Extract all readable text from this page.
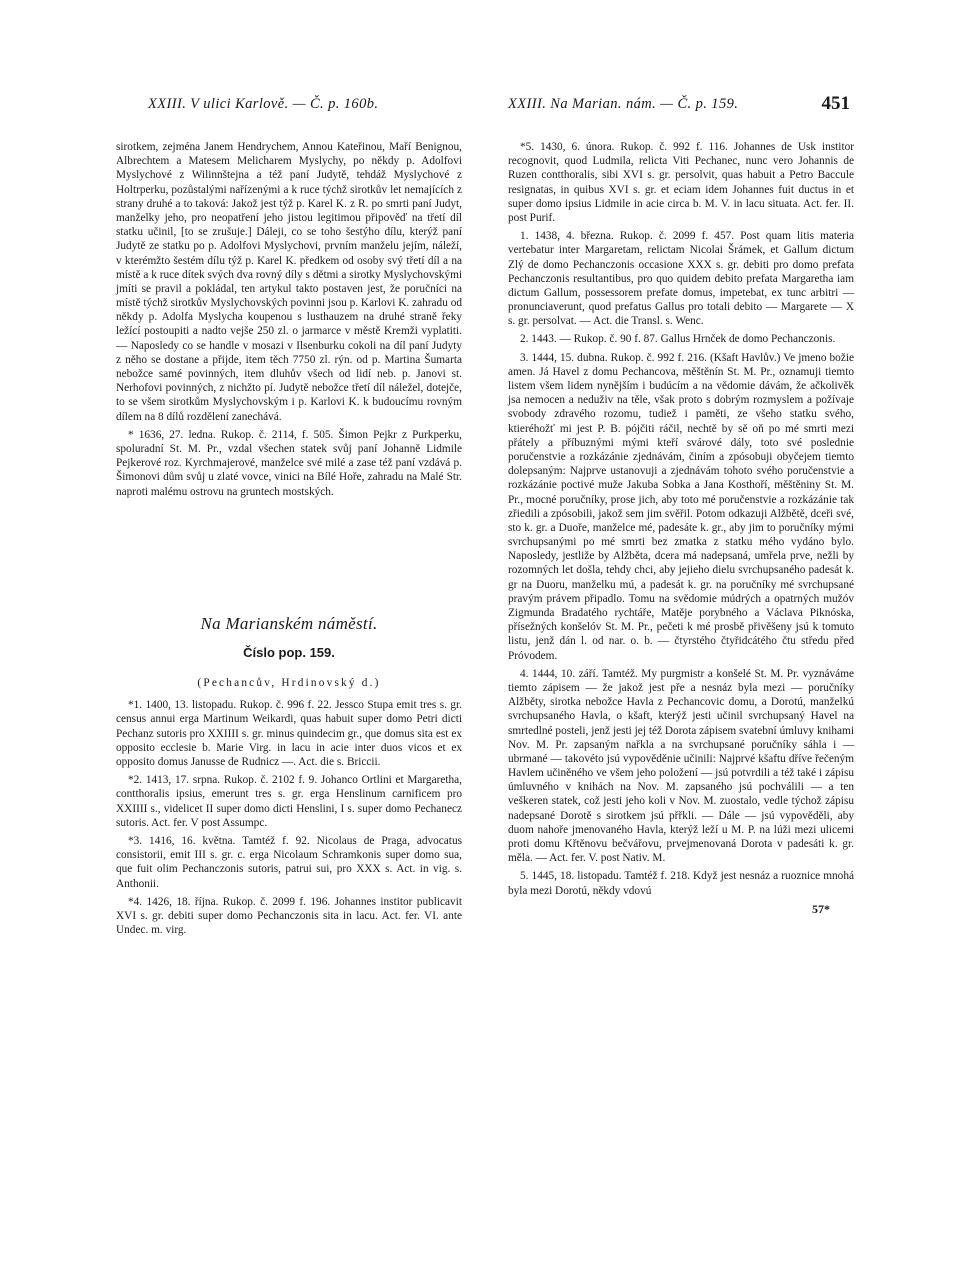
XXIII. V ulici Karlově. — Č. p. 160b.	XXIII. Na Marian. nám. — Č. p. 159.	451

sirotkem, zejména Janem Hendrychem, Annou Kateřinou, Maří Benignou, Albrechtem a Matesem Melicharem Myslychy, po někdy p. Adolfovi Myslychové z Wilinnštejna a též paní Judytě, tehdáž Myslychové z Holtrperku, pozůstalými nařízenými a k ruce týchž sirotkův let nemajících z strany druhé a to taková: Jakož jest týž p. Karel K. z R. po smrti paní Judyt, manželky jeho, pro neopatření jeho jistou legitimou připověď na třetí díl statku učinil, [to se zrušuje.] Dáleji, co se toho šestýho dílu, kterýž paní Judytě ze statku po p. Adolfovi Myslychovi, prvním manželu jejím, náleží, v kterémžto šestém dílu týž p. Karel K. předkem od osoby svý třetí díl a na místě a k ruce dítek svých dva rovný díly s dětmi a sirotky Myslychovskými jmíti se pravil a pokládal, ten artykul takto postaven jest, že poručníci na místě týchž sirotkův Myslychovských povinni jsou p. Karlovi K. zahradu od někdy p. Adolfa Myslycha koupenou s lusthauzem na druhé straně řeky ležící postoupiti a nadto vejše 250 zl. o jarmarce v městě Kremži vyplatiti. — Naposledy co se handle v mosazi v Ilsenburku cokoli na díl paní Judyty z něho se dostane a přijde, item těch 7750 zl. rýn. od p. Martina Šumarta nebožce samé povinných, item dluhův všech od lidí neb. p. Janovi st. Nerhofovi povinných, z nichžto pí. Judytě nebožce třetí díl náležel, dotejče, to se všem sirotkům Myslychovským i p. Karlovi K. k budoucímu rovným dílem na 8 dílů rozdělení zanechává.

* 1636, 27. ledna. Rukop. č. 2114, f. 505. Šimon Pejkr z Purkperku, spoluradní St. M. Pr., vzdal všechen statek svůj paní Johanně Lidmile Pejkerové roz. Kyrchmajerové, manželce své milé a zase též paní vzdává p. Šimonovi dům svůj u zlaté vovce, vinici na Bílé Hoře, zahradu na Malé Str. naproti malému ostrovu na gruntech mostských.

Na Marianském náměstí.
Číslo pop. 159.
(Pechancův, Hrdinovský d.)

*1. 1400, 13. listopadu. Rukop. č. 996 f. 22. Jessco Stupa emit tres s. gr. census annui erga Martinum Weikardi, quas habuit super domo Petri dicti Pechanz sutoris pro XXIIII s. gr. minus quindecim gr., que domus sita est ex opposito ecclesie b. Marie Virg. in lacu in acie inter duos vicos et ex opposito domus Janusse de Rudnicz —. Act. die s. Briccii.

*2. 1413, 17. srpna. Rukop. č. 2102 f. 9. Johanco Ortlini et Margaretha, contthoralis ipsius, emerunt tres s. gr. erga Henslinum carnificem pro XXIIII s., videlicet II super domo dicti Henslini, I s. super domo Pechanecz sutoris. Act. fer. V post Assumpc.

*3. 1416, 16. května. Tamtéž f. 92. Nicolaus de Praga, advocatus consistorii, emit III s. gr. c. erga Nicolaum Schramkonis super domo sua, que fuit olim Pechanczonis sutoris, patrui sui, pro XXX s. Act. in vig. s. Anthonii.

*4. 1426, 18. října. Rukop. č. 2099 f. 196. Johannes institor publicavit XVI s. gr. debiti super domo Pechanczonis sita in lacu. Act. fer. VI. ante Undec. m. virg.

*5. 1430, 6. února. Rukop. č. 992 f. 116. Johannes de Usk institor recognovit, quod Ludmila, relicta Viti Pechanec, nunc vero Johannis de Ruzen contthoralis, sibi XVI s. gr. persolvit, quas habuit a Petro Baccule resignatas, in quibus XVI s. gr. et eciam idem Johannes fuit ductus in et super domo ipsius Lidmile in acie circa b. M. V. in lacu situata. Act. fer. II. post Purif.

1. 1438, 4. března. Rukop. č. 2099 f. 457. Post quam litis materia vertebatur inter Margaretam, relictam Nicolai Šrámek, et Gallum dictum Zlý de domo Pechanczonis occasione XXX s. gr. debiti pro domo prefata Pechanczonis resultantibus, pro quo quidem debito prefata Margaretha iam dictum Gallum, possessorem prefate domus, impetebat, ex tunc arbitri — pronunciaverunt, quod prefatus Gallus pro totali debito — Margarete — X s. gr. persolvat. — Act. die Transl. s. Wenc.

2. 1443. — Rukop. č. 90 f. 87. Gallus Hrnček de domo Pechanczonis.

3. 1444, 15. dubna. Rukop. č. 992 f. 216. (Kšaft Havlův.) Ve jmeno božie amen. Já Havel z domu Pechancova, měštěnín St. M. Pr., oznamuji tiemto listem všem lidem nynějším i budúcím a na vědomie dávám, že ačkolivěk jsa nemocen a neduživ na těle, však proto s dobrým rozmyslem a požívaje svobody zdravého rozomu, tudiež i paměti, ze všeho statku svého, ktieréhožť mi jest P. B. pójčiti ráčil, nechtě by sě oň po mé smrti mezi přátely a příbuznými mými kteří svárové dály, toto své poslednie poručenstvie a rozkázánie zjednávám, činím a zpósobuji obyčejem tiemto dolepsaným: Najprve ustanovuji a zjednávám tohoto svého poručenstvie a rozkázánie poctivé muže Jakuba Sobka a Jana Kosthoří, měštěniny St. M. Pr., mocné poručníky, prose jich, aby toto mé poručenstvie a rozkázánie tak zřiedili a zpósobili, jakož sem jim svěřil. Potom odkazuji Alžbětě, dceři své, sto k. gr. a Duoře, manželce mé, padesáte k. gr., aby jim to poručníky mými svrchupsanými po mé smrti bez zmatka z statku mého vydáno bylo. Naposledy, jestliže by Alžběta, dcera má nadepsaná, umřela prve, nežli by rozomných let došla, tehdy chci, aby jejieho dielu svrchupsaného padesát k. gr na Duoru, manželku mú, a padesát k. gr. na poručníky mé svrchupsané pravým právem připadlo. Tomu na svědomie múdrých a opatrných mužóv Zigmunda Bradatého rychtáře, Matěje porybného a Václava Piknóska, přísežných konšelóv St. M. Pr., pečeti k mé prosbě přivěšeny jsú k tomuto listu, jenž dán l. od nar. o. b. — čtyrstého čtyřidcátého čtu středu před Próvodem.

4. 1444, 10. září. Tamtéž. My purgmistr a konšelé St. M. Pr. vyznáváme tiemto zápisem — že jakož jest pře a nesnáz byla mezi — poručníky Alžběty, sirotka nebožce Havla z Pechancovic domu, a Dorotú, manželkú svrchupsaného Havla, o kšaft, kterýž jesti učinil svrchupsaný Havel na smrtedlné posteli, jenž jesti jej též Dorota zápisem svatební úmluvy knihami Nov. M. Pr. zapsaným nařkla a na svrchupsané poručníky sáhla i — ubrmané — takovéto jsú vypověděnie učinili: Najprvé kšaftu dříve řečeným Havlem učiněného ve všem jeho položení — jsú potvrdili a též také i zápisu úmluvného v knihách na Nov. M. zapsaného jsú pochválili — a ten veškeren statek, což jesti jeho koli v Nov. M. zuostalo, vedle týchož zápisu nadepsané Dorotě s sirotkem jsú přřkli. — Dále — jsú vypověděli, aby duom nahoře jmenovaného Havla, kterýž leží u M. P. na lúži mezi ulicemi proti domu Křtěnovu bečvářovu, prvejmenovaná Dorota v padesáti k. gr. měla. — Act. fer. V. post Nativ. M.

5. 1445, 18. listopadu. Tamtéž f. 218. Když jest nesnáz a ruoznice mnohá byla mezi Dorotú, někdy vdovú

57*
